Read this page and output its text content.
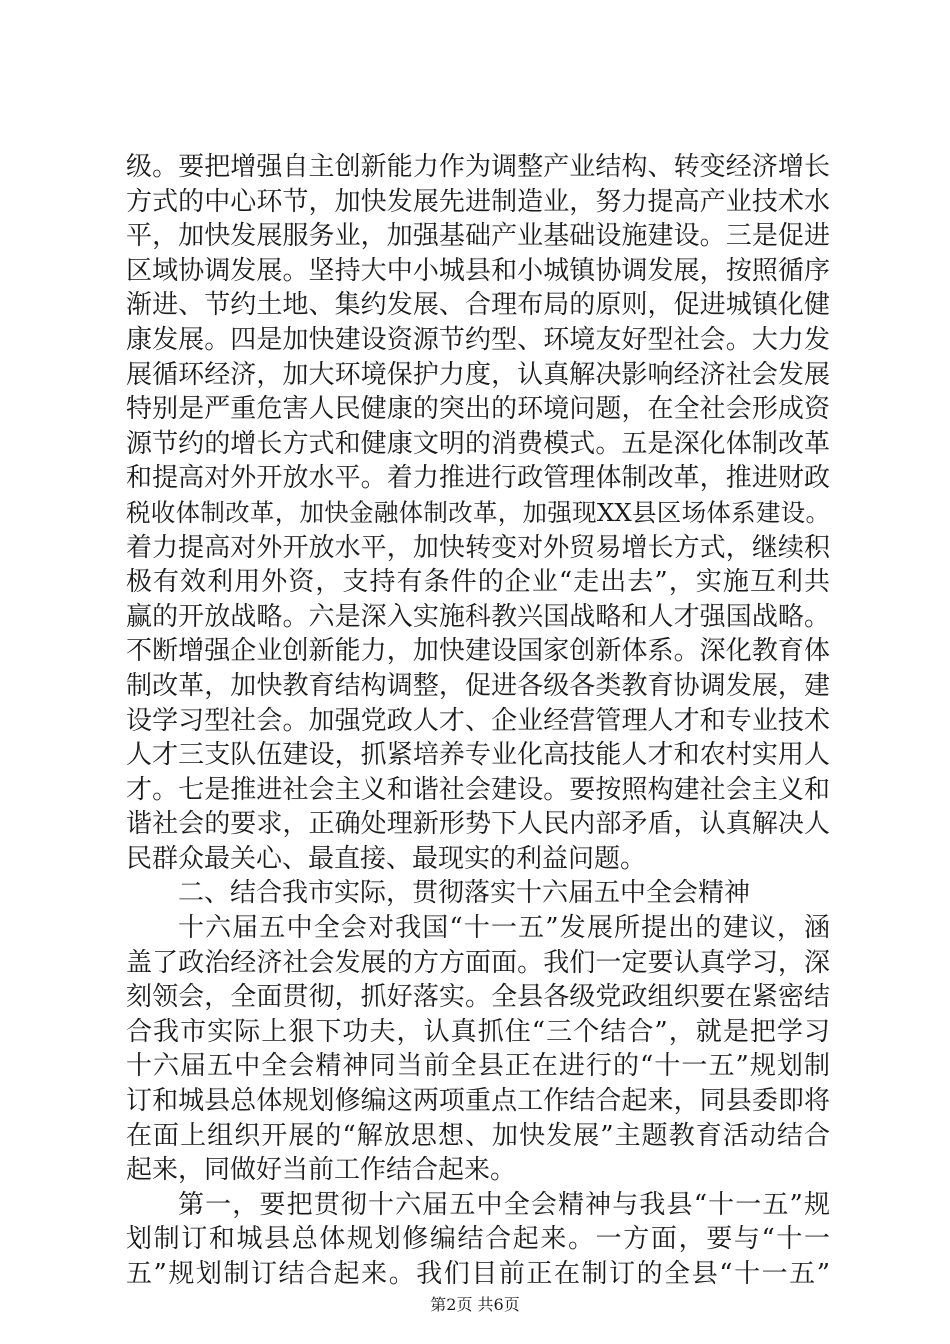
级。要把增强自主创新能力作为调整产业结构、转变经济增长
方式的中心环节，加快发展先进制造业，努力提高产业技术水
平，加快发展服务业，加强基础产业基础设施建设。三是促进
区域协调发展。坚持大中小城县和小城镇协调发展，按照循序
渐进、节约土地、集约发展、合理布局的原则，促进城镇化健
康发展。四是加快建设资源节约型、环境友好型社会。大力发
展循环经济，加大环境保护力度，认真解决影响经济社会发展
特别是严重危害人民健康的突出的环境问题，在全社会形成资
源节约的增长方式和健康文明的消费模式。五是深化体制改革
和提高对外开放水平。着力推进行政管理体制改革，推进财政
税收体制改革，加快金融体制改革，加强现XX县区场体系建设。
着力提高对外开放水平，加快转变对外贸易增长方式，继续积
极有效利用外资，支持有条件的企业“走出去”，实施互利共
赢的开放战略。六是深入实施科教兴国战略和人才强国战略。
不断增强企业创新能力，加快建设国家创新体系。深化教育体
制改革，加快教育结构调整，促进各级各类教育协调发展，建
设学习型社会。加强党政人才、企业经营管理人才和专业技术
人才三支队伍建设，抓紧培养专业化高技能人才和农村实用人
才。七是推进社会主义和谐社会建设。要按照构建社会主义和
谐社会的要求，正确处理新形势下人民内部矛盾，认真解决人
民群众最关心、最直接、最现实的利益问题。
二、结合我市实际，贯彻落实十六届五中全会精神
十六届五中全会对我国“十一五”发展所提出的建议，涵
盖了政治经济社会发展的方方面面。我们一定要认真学习，深
刻领会，全面贯彻，抓好落实。全县各级党政组织要在紧密结
合我市实际上狠下功夫，认真抓住“三个结合”，就是把学习
十六届五中全会精神同当前全县正在进行的“十一五”规划制
订和城县总体规划修编这两项重点工作结合起来，同县委即将
在面上组织开展的“解放思想、加快发展”主题教育活动结合
起来，同做好当前工作结合起来。
第一，要把贯彻十六届五中全会精神与我县“十一五”规
划制订和城县总体规划修编结合起来。一方面，要与“十一
五”规划制订结合起来。我们目前正在制订的全县“十一五”
第2页 共6页
